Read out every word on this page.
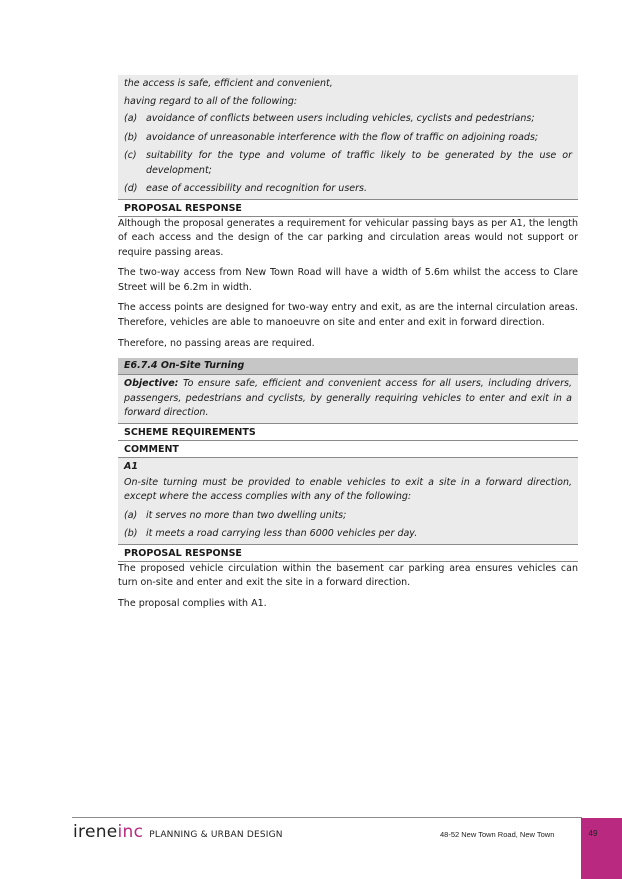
the access is safe, efficient and convenient,
having regard to all of the following:
(a) avoidance of conflicts between users including vehicles, cyclists and pedestrians;
(b) avoidance of unreasonable interference with the flow of traffic on adjoining roads;
(c) suitability for the type and volume of traffic likely to be generated by the use or development;
(d) ease of accessibility and recognition for users.
PROPOSAL RESPONSE

Although the proposal generates a requirement for vehicular passing bays as per A1, the length of each access and the design of the car parking and circulation areas would not support or require passing areas.

The two-way access from New Town Road will have a width of 5.6m whilst the access to Clare Street will be 6.2m in width.

The access points are designed for two-way entry and exit, as are the internal circulation areas. Therefore, vehicles are able to manoeuvre on site and enter and exit in forward direction.

Therefore, no passing areas are required.

E6.7.4 On-Site Turning
Objective: To ensure safe, efficient and convenient access for all users, including drivers, passengers, pedestrians and cyclists, by generally requiring vehicles to enter and exit in a forward direction.
SCHEME REQUIREMENTS
COMMENT
A1
On-site turning must be provided to enable vehicles to exit a site in a forward direction, except where the access complies with any of the following:
(a) it serves no more than two dwelling units;
(b) it meets a road carrying less than 6000 vehicles per day.
PROPOSAL RESPONSE

The proposed vehicle circulation within the basement car parking area ensures vehicles can turn on-site and enter and exit the site in a forward direction.

The proposal complies with A1.

ireneinc PLANNING & URBAN DESIGN	48-52 New Town Road, New Town	49
